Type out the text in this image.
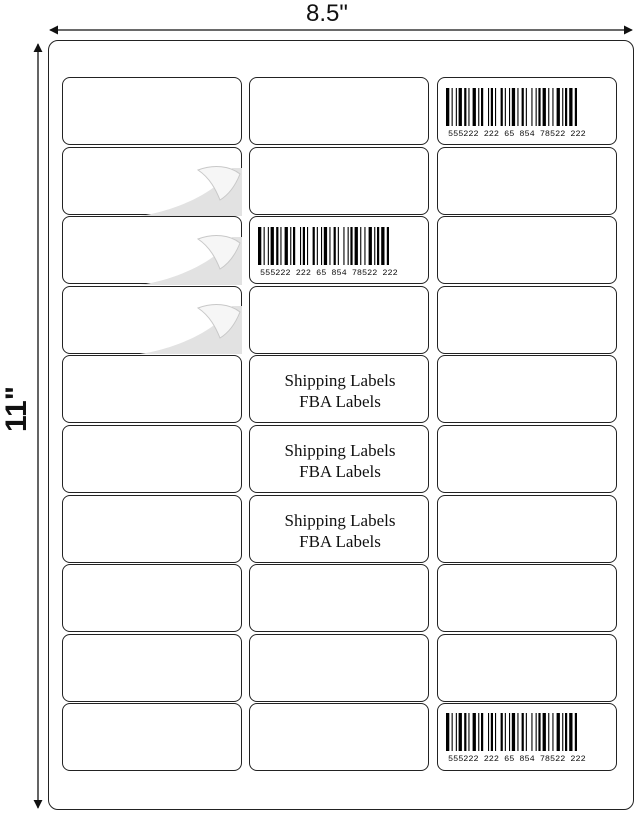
8.5"
11"
Shipping Labels
FBA Labels
Shipping Labels
FBA Labels
Shipping Labels
FBA Labels
555222 222 65 854 78522 222
555222 222 65 854 78522 222
555222 222 65 854 78522 222
